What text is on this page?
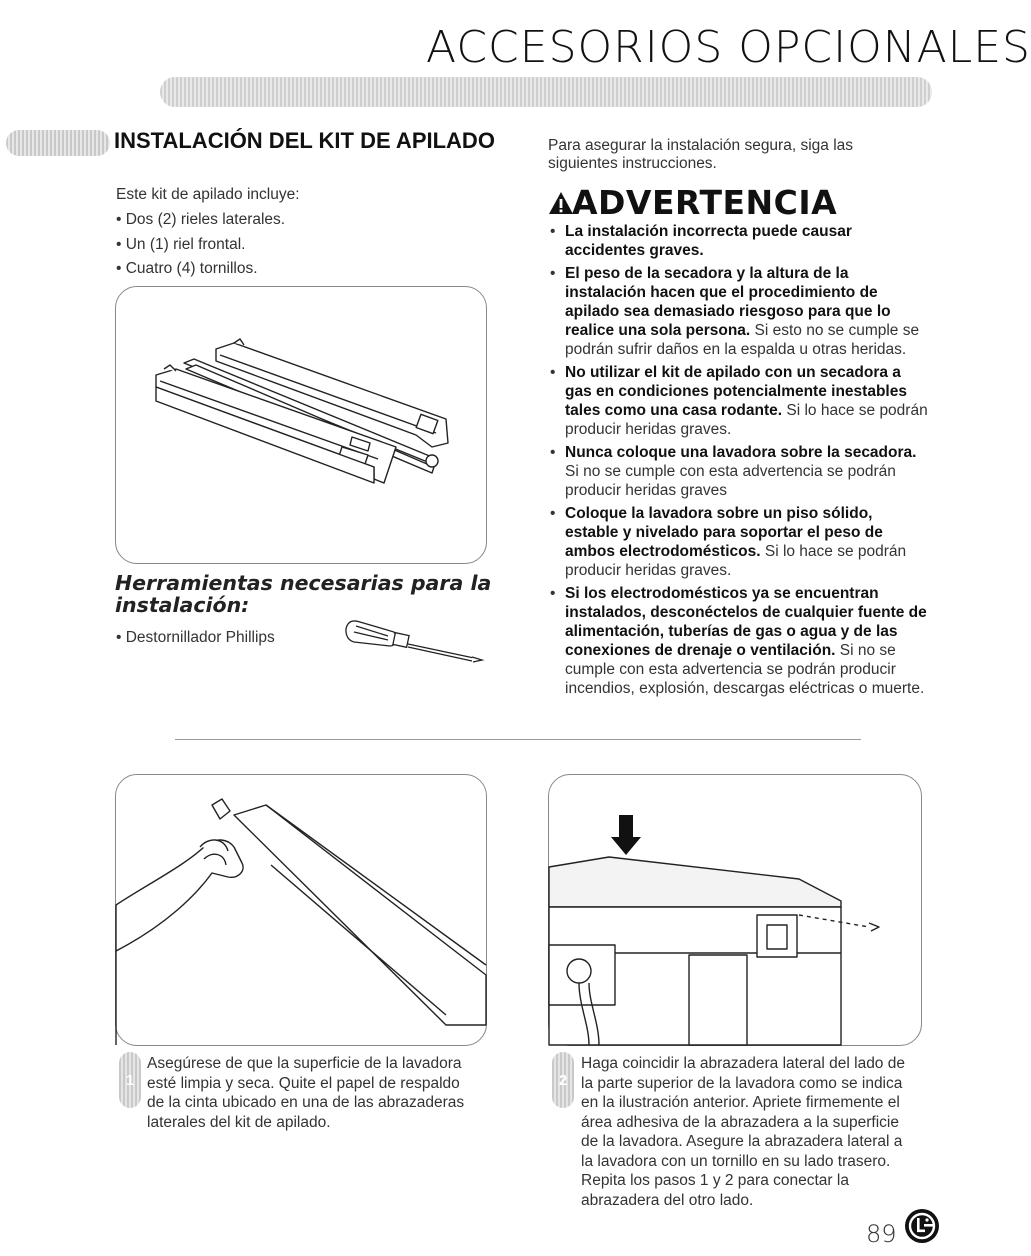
ACCESORIOS OPCIONALES
INSTALACIÓN DEL KIT DE APILADO
Este kit de apilado incluye:
• Dos (2) rieles laterales.
• Un (1) riel frontal.
• Cuatro (4) tornillos.
Herramientas necesarias para la
instalación:
• Destornillador Phillips
Para asegurar la instalación segura, siga las siguientes instrucciones.
ADVERTENCIA
• La instalación incorrecta puede causar accidentes graves.
• El peso de la secadora y la altura de la instalación hacen que el procedimiento de apilado sea demasiado riesgoso para que lo realice una sola persona. Si esto no se cumple se podrán sufrir daños en la espalda u otras heridas.
• No utilizar el kit de apilado con un secadora a gas en condiciones potencialmente inestables tales como una casa rodante. Si lo hace se podrán producir heridas graves.
• Nunca coloque una lavadora sobre la secadora. Si no se cumple con esta advertencia se podrán producir heridas graves
• Coloque la lavadora sobre un piso sólido, estable y nivelado para soportar el peso de ambos electrodomésticos. Si lo hace se podrán producir heridas graves.
• Si los electrodomésticos ya se encuentran instalados, desconéctelos de cualquier fuente de alimentación, tuberías de gas o agua y de las conexiones de drenaje o ventilación. Si no se cumple con esta advertencia se podrán producir incendios, explosión, descargas eléctricas o muerte.
1
Asegúrese de que la superficie de la lavadora esté limpia y seca. Quite el papel de respaldo de la cinta ubicado en una de las abrazaderas laterales del kit de apilado.
2
Haga coincidir la abrazadera lateral del lado de la parte superior de la lavadora como se indica en la ilustración anterior. Apriete firmemente el área adhesiva de la abrazadera a la superficie de la lavadora. Asegure la abrazadera lateral a la lavadora con un tornillo en su lado trasero. Repita los pasos 1 y 2 para conectar la abrazadera del otro lado.
89
